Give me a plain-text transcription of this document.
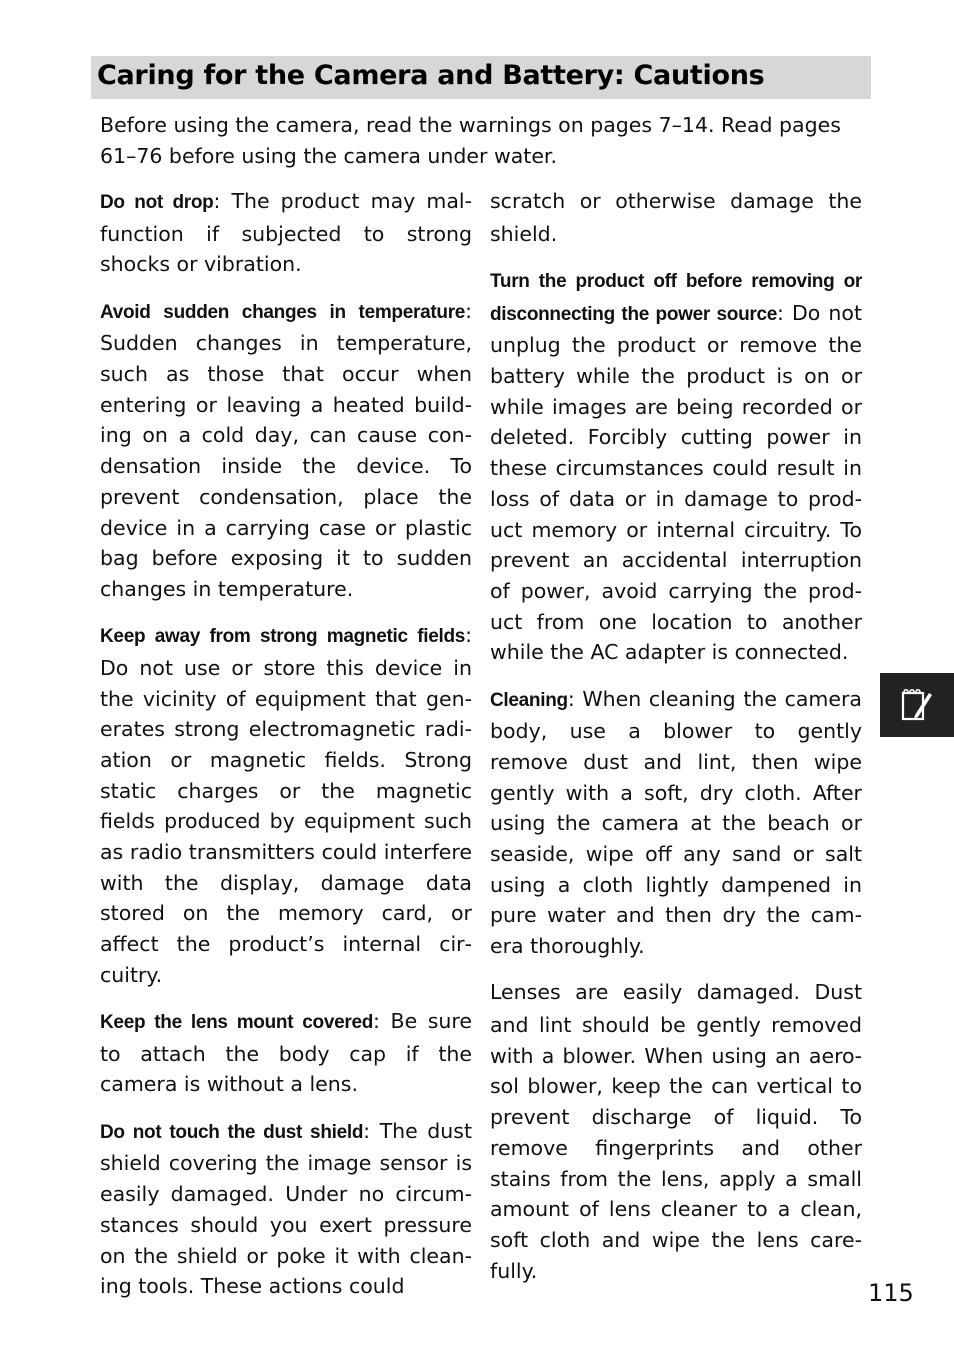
Caring for the Camera and Battery: Cautions

Before using the camera, read the warnings on pages 7–14. Read pages 61–76 before using the camera under water.

Do not drop: The product may malfunction if subjected to strong shocks or vibration.

Avoid sudden changes in temperature: Sudden changes in temperature, such as those that occur when entering or leaving a heated building on a cold day, can cause condensation inside the device. To prevent condensation, place the device in a carrying case or plastic bag before exposing it to sudden changes in temperature.

Keep away from strong magnetic fields: Do not use or store this device in the vicinity of equipment that generates strong electromagnetic radiation or magnetic fields. Strong static charges or the magnetic fields produced by equipment such as radio transmitters could interfere with the display, damage data stored on the memory card, or affect the product’s internal circuitry.

Keep the lens mount covered: Be sure to attach the body cap if the camera is without a lens.

Do not touch the dust shield: The dust shield covering the image sensor is easily damaged. Under no circumstances should you exert pressure on the shield or poke it with cleaning tools. These actions could

scratch or otherwise damage the shield.

Turn the product off before removing or disconnecting the power source: Do not unplug the product or remove the battery while the product is on or while images are being recorded or deleted. Forcibly cutting power in these circumstances could result in loss of data or in damage to product memory or internal circuitry. To prevent an accidental interruption of power, avoid carrying the product from one location to another while the AC adapter is connected.

Cleaning: When cleaning the camera body, use a blower to gently remove dust and lint, then wipe gently with a soft, dry cloth. After using the camera at the beach or seaside, wipe off any sand or salt using a cloth lightly dampened in pure water and then dry the camera thoroughly.

Lenses are easily damaged. Dust and lint should be gently removed with a blower. When using an aerosol blower, keep the can vertical to prevent discharge of liquid. To remove fingerprints and other stains from the lens, apply a small amount of lens cleaner to a clean, soft cloth and wipe the lens carefully.

115
